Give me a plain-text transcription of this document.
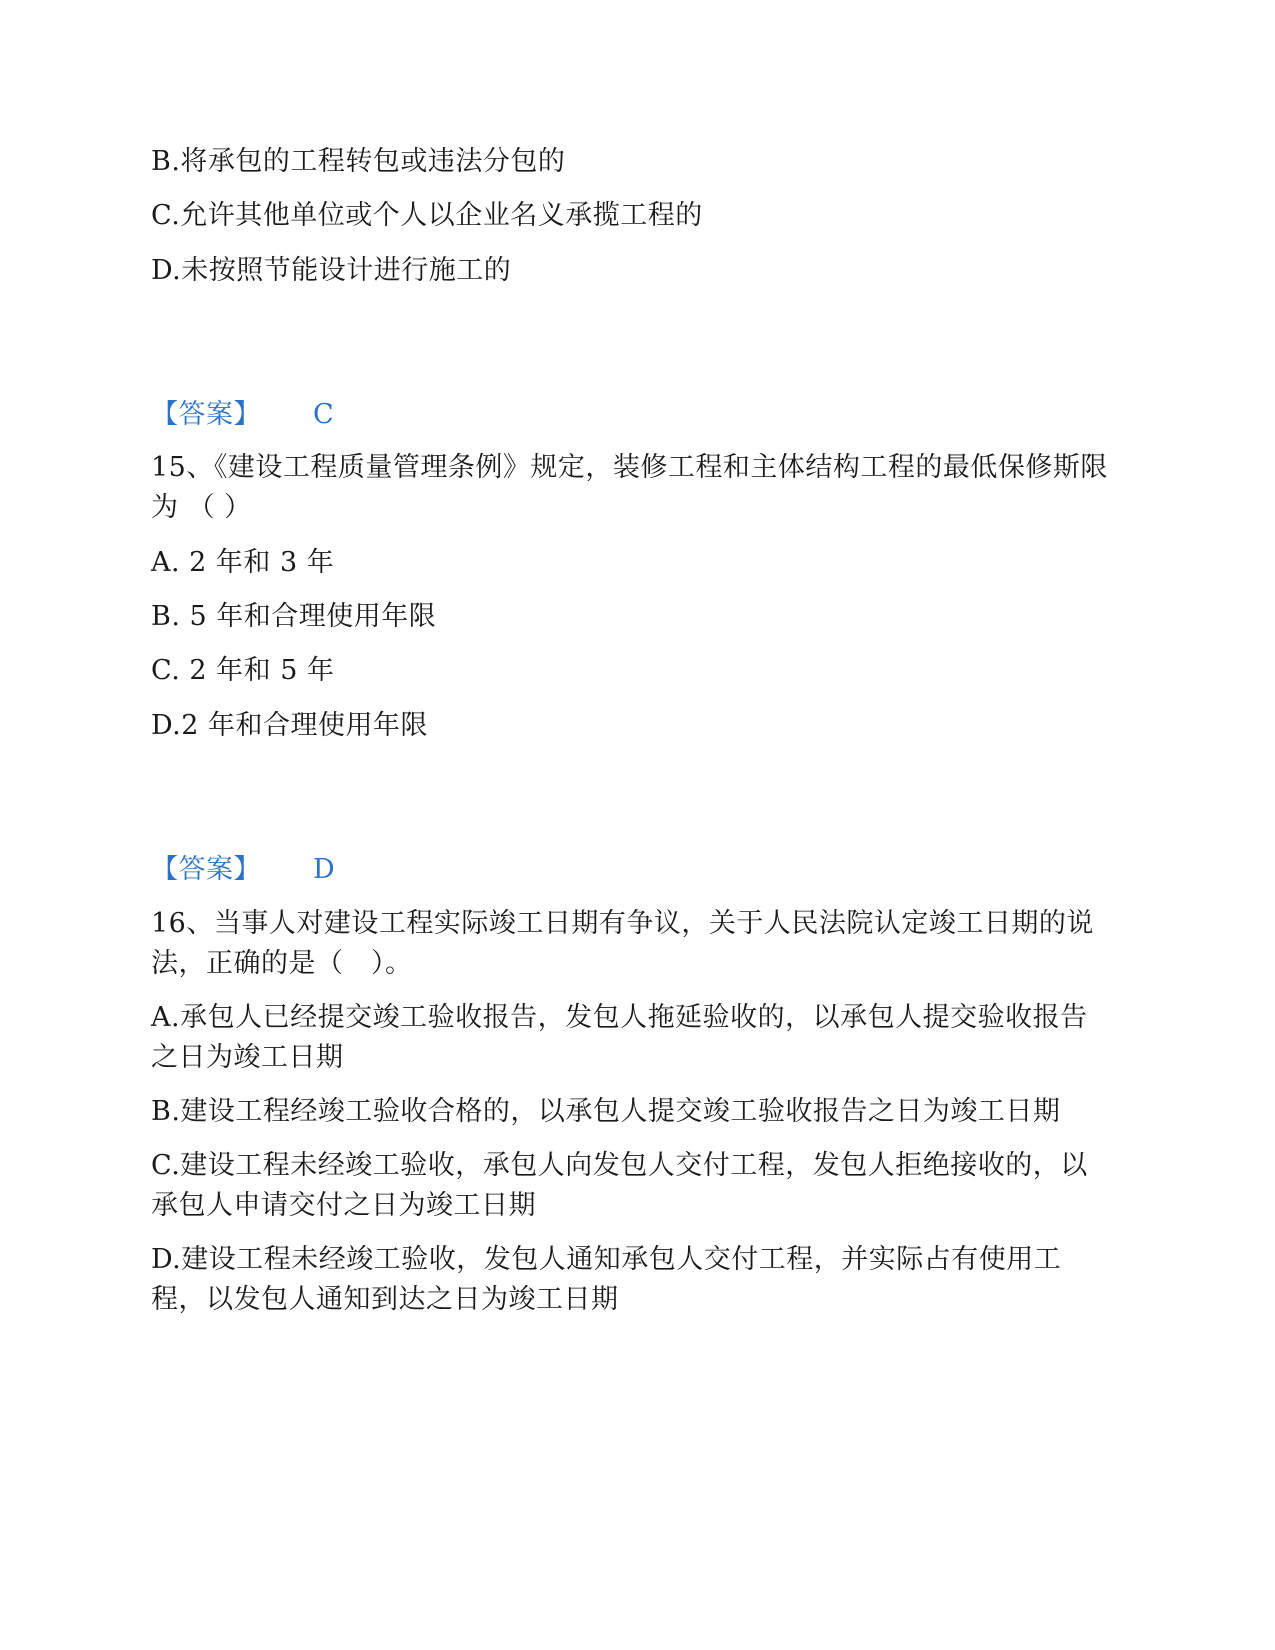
B.将承包的工程转包或违法分包的
C.允许其他单位或个人以企业名义承揽工程的
D.未按照节能设计进行施工的
【答案】 C
15、《建设工程质量管理条例》规定，装修工程和主体结构工程的最低保修斯限为 （ ）
A. 2 年和 3 年
B. 5 年和合理使用年限
C. 2 年和 5 年
D.2 年和合理使用年限
【答案】 D
16、当事人对建设工程实际竣工日期有争议，关于人民法院认定竣工日期的说法，正确的是（　）。
A.承包人已经提交竣工验收报告，发包人拖延验收的，以承包人提交验收报告之日为竣工日期
B.建设工程经竣工验收合格的，以承包人提交竣工验收报告之日为竣工日期
C.建设工程未经竣工验收，承包人向发包人交付工程，发包人拒绝接收的，以承包人申请交付之日为竣工日期
D.建设工程未经竣工验收，发包人通知承包人交付工程，并实际占有使用工程，以发包人通知到达之日为竣工日期
